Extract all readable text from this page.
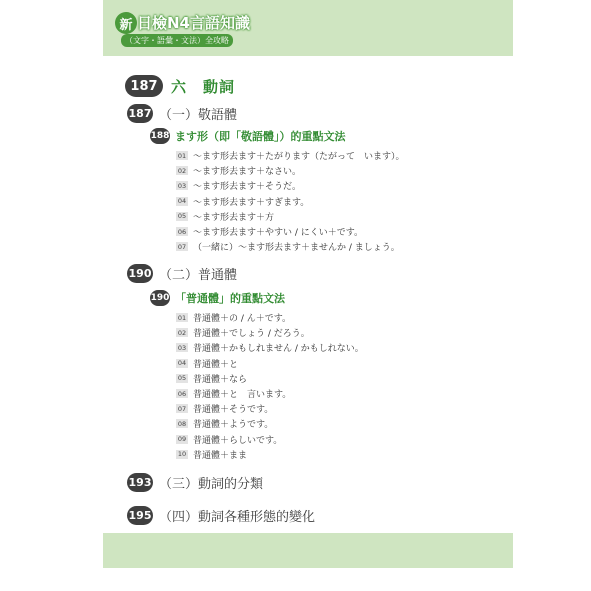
新 日檢N4言語知識
（文字・語彙・文法）全攻略
187 六　動詞
187 （一）敬語體
188 ます形（即「敬語體」）的重點文法
01 ～ます形去ます＋たがります（たがって　います）。
02 ～ます形去ます＋なさい。
03 ～ます形去ます＋そうだ。
04 ～ます形去ます＋すぎます。
05 ～ます形去ます＋方
06 ～ます形去ます＋やすい / にくい＋です。
07 （一緒に）～ます形去ます＋ませんか / ましょう。
190 （二）普通體
190 「普通體」的重點文法
01 普通體＋の / ん＋です。
02 普通體＋でしょう / だろう。
03 普通體＋かもしれません / かもしれない。
04 普通體＋と
05 普通體＋なら
06 普通體＋と　言います。
07 普通體＋そうです。
08 普通體＋ようです。
09 普通體＋らしいです。
10 普通體＋まま
193 （三）動詞的分類
195 （四）動詞各種形態的變化
